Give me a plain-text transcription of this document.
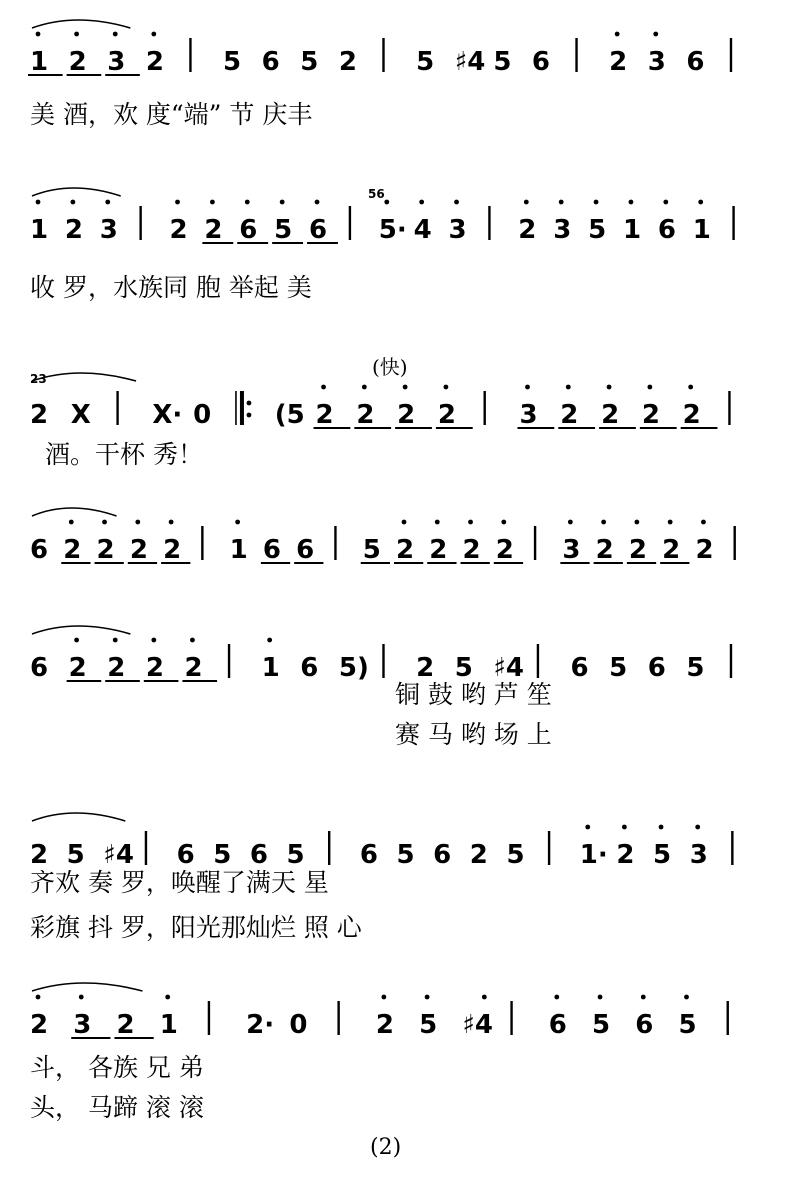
1 2 3 2 5 6 5 2 5 ♯4 5 6 2 3 6
1 2 3 2 2 6 5 6 5· 4 3 2 3 5 1 6 1
56
2 X X· 0 (5 2 2 2 2 3 2 2 2 2
23
6 2 2 2 2 1 6 6 5 2 2 2 2 3 2 2 2 2
6 2 2 2 2 1 6 5) 2 5 ♯4 6 5 6 5
2 5 ♯4 6 5 6 5 6 5 6 2 5 1· 2 5 3
2 3 2 1	2· 0	2 5 ♯4 6 5 6 5
美 酒，欢 度“端” 节 庆丰
收 罗，水族同 胞 举起 美
酒。干杯 秀！
铜 鼓 哟 芦 笙
赛 马 哟 场 上
齐欢 奏 罗，唤醒了满天 星
彩旗 抖 罗，阳光那灿烂 照 心
斗， 各族 兄 弟
头， 马蹄 滚 滚
(快)
(2)
